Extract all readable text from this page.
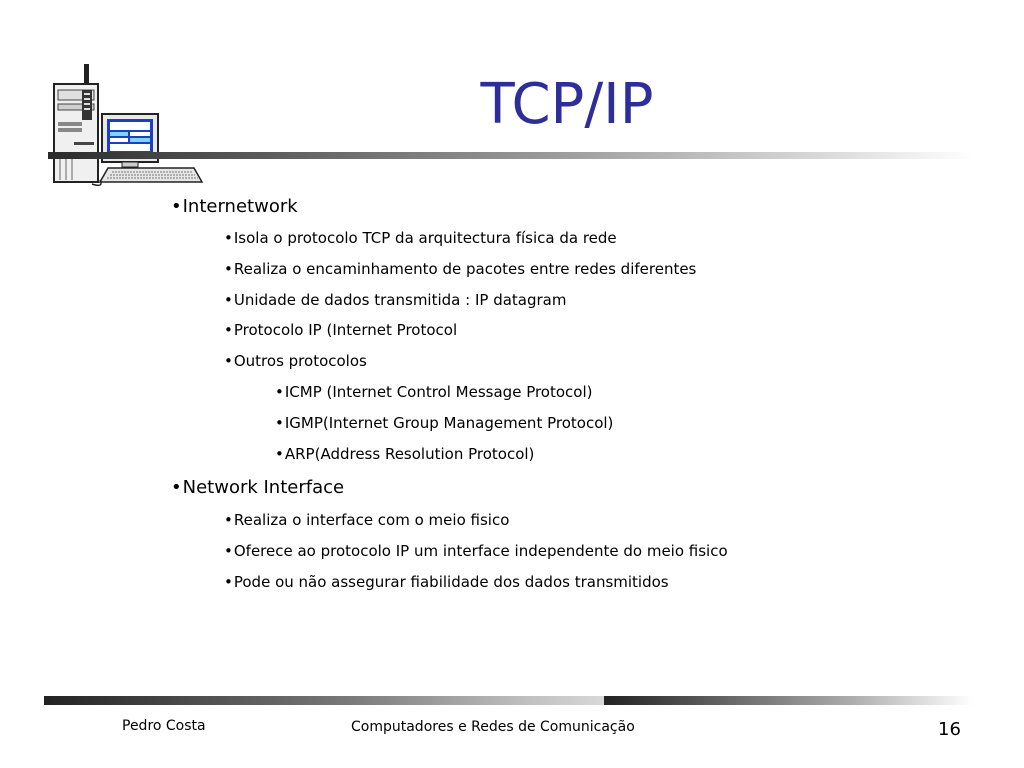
TCP/IP
•Internetwork
•Isola o protocolo TCP da arquitectura física da rede
•Realiza o encaminhamento de pacotes entre redes diferentes
•Unidade de dados transmitida : IP datagram
•Protocolo IP (Internet Protocol
•Outros protocolos
•ICMP (Internet Control Message Protocol)
•IGMP(Internet Group Management Protocol)
•ARP(Address Resolution Protocol)
•Network Interface
•Realiza o interface com o meio fisico
•Oferece ao protocolo IP um interface independente do meio fisico
•Pode ou não assegurar fiabilidade dos dados transmitidos
Pedro Costa	Computadores e Redes de Comunicação	16
